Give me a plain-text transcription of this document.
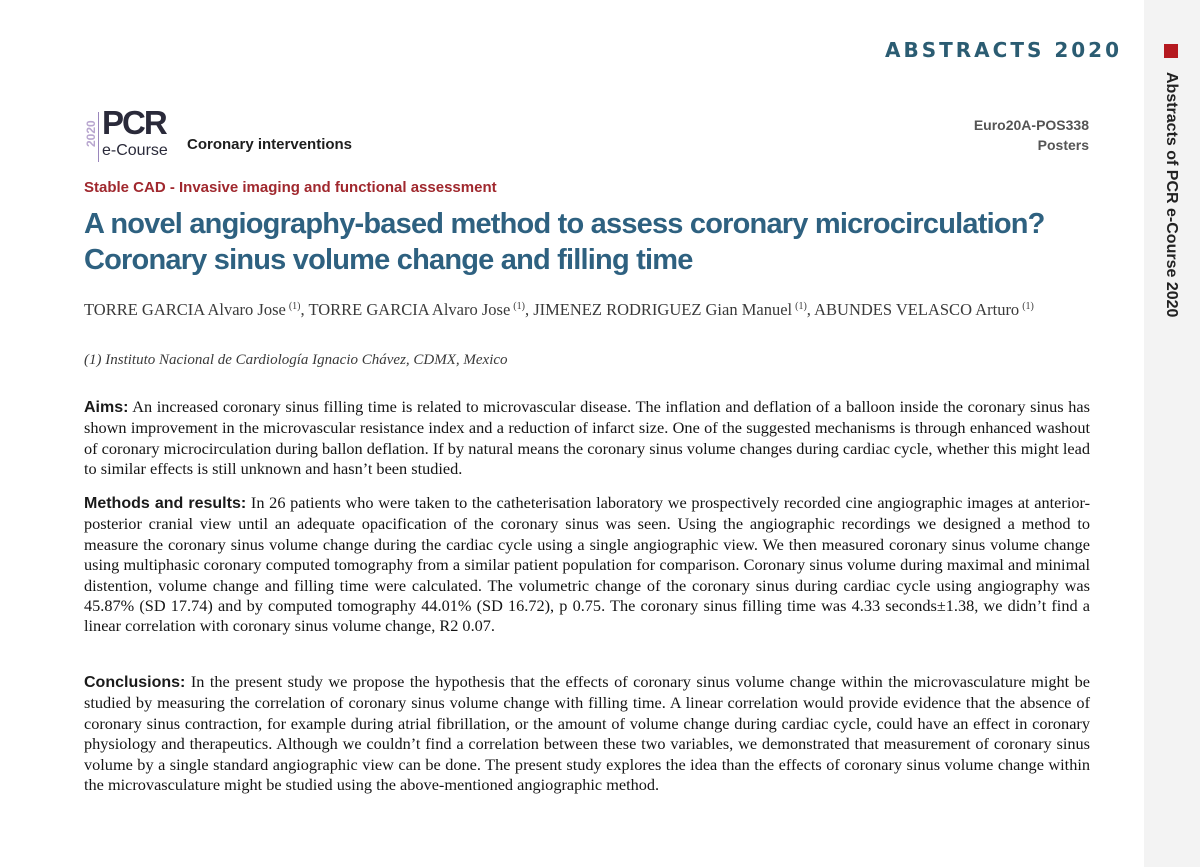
Abstracts of PCR e-Course 2020
ABSTRACTS 2020
2020 PCR
e-Course Coronary interventions
Euro20A-POS338
Posters
Stable CAD - Invasive imaging and functional assessment
A novel angiography-based method to assess coronary microcirculation?
Coronary sinus volume change and filling time
TORRE GARCIA Alvaro Jose $^{(1)}$, TORRE GARCIA Alvaro Jose $^{(1)}$, JIMENEZ RODRIGUEZ Gian Manuel $^{(1)}$, ABUNDES VELASCO Arturo $^{(1)}$
(1) Instituto Nacional de Cardiología Ignacio Chávez, CDMX, Mexico

Aims: An increased coronary sinus filling time is related to microvascular disease. The inflation and deflation of a balloon inside the coronary sinus has shown improvement in the microvascular resistance index and a reduction of infarct size. One of the suggested mechanisms is through enhanced washout of coronary microcirculation during ballon deflation. If by natural means the coronary sinus volume changes during cardiac cycle, whether this might lead to similar effects is still unknown and hasn’t been studied.

Methods and results: In 26 patients who were taken to the catheterisation laboratory we prospectively recorded cine angiographic images at anterior-posterior cranial view until an adequate opacification of the coronary sinus was seen. Using the angiographic recordings we designed a method to measure the coronary sinus volume change during the cardiac cycle using a single angiographic view. We then measured coronary sinus volume change using multiphasic coronary computed tomography from a similar patient population for comparison. Coronary sinus volume during maximal and minimal distention, volume change and filling time were calculated. The volumetric change of the coronary sinus during cardiac cycle using angiography was 45.87% (SD 17.74) and by computed tomography 44.01% (SD 16.72), p 0.75. The coronary sinus filling time was 4.33 seconds±1.38, we didn’t find a linear correlation with coronary sinus volume change, R2 0.07.

Conclusions: In the present study we propose the hypothesis that the effects of coronary sinus volume change within the microvasculature might be studied by measuring the correlation of coronary sinus volume change with filling time. A linear correlation would provide evidence that the absence of coronary sinus contraction, for example during atrial fibrillation, or the amount of volume change during cardiac cycle, could have an effect in coronary physiology and therapeutics. Although we couldn’t find a correlation between these two variables, we demonstrated that measurement of coronary sinus volume by a single standard angiographic view can be done. The present study explores the idea than the effects of coronary sinus volume change within the microvasculature might be studied using the above-mentioned angiographic method.
